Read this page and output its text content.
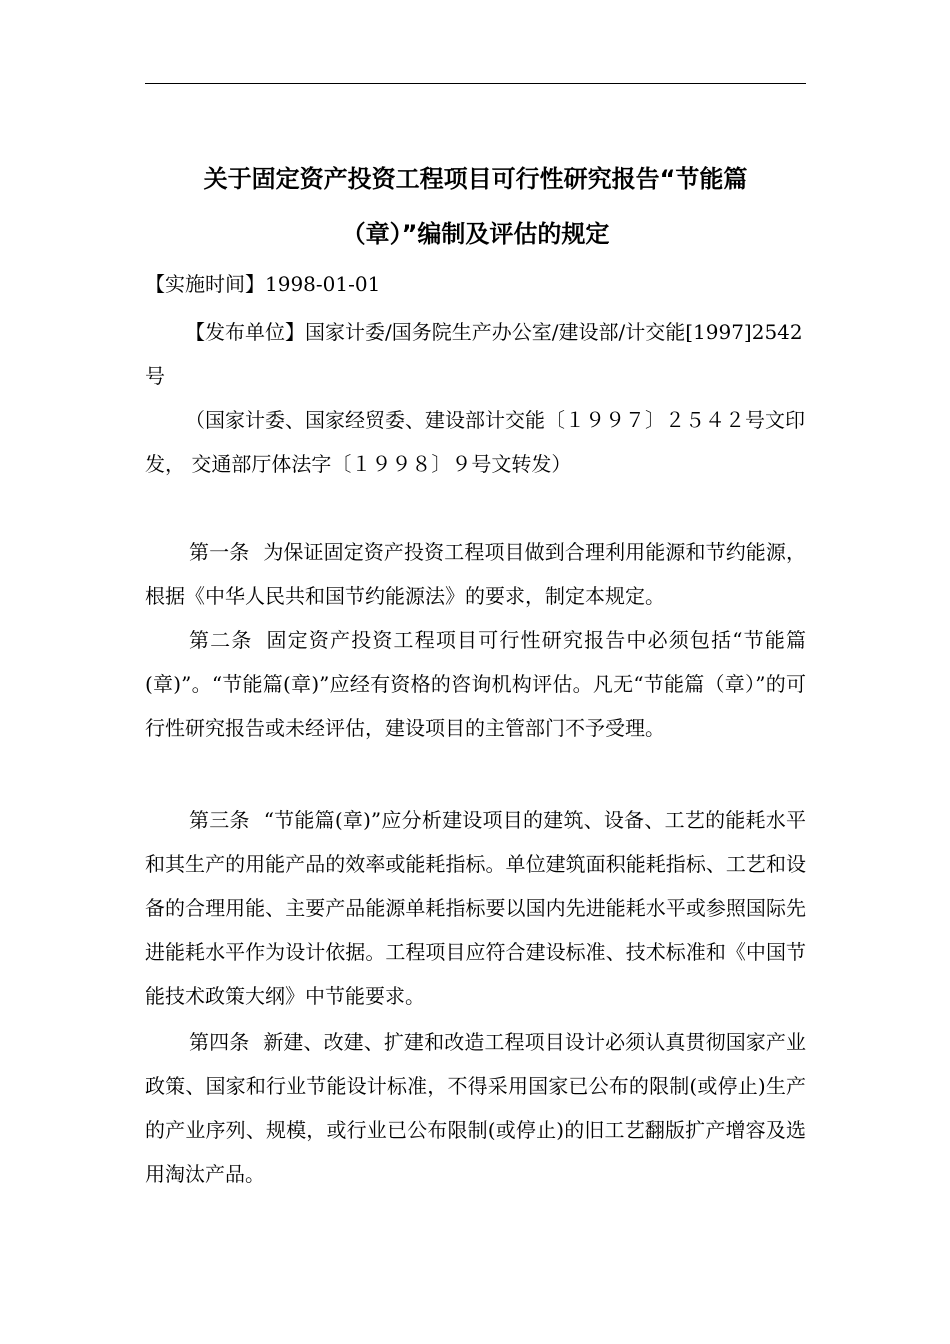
关于固定资产投资工程项目可行性研究报告“节能篇
（章）”编制及评估的规定

【实施时间】1998-01-01

【发布单位】国家计委/国务院生产办公室/建设部/计交能[1997]2542号

（国家计委、国家经贸委、建设部计交能〔１９９７〕２５４２号文印发， 交通部厅体法字〔１９９８〕９号文转发）

第一条 为保证固定资产投资工程项目做到合理利用能源和节约能源，根据《中华人民共和国节约能源法》的要求，制定本规定。

第二条 固定资产投资工程项目可行性研究报告中必须包括“节能篇(章)”。“节能篇(章)”应经有资格的咨询机构评估。凡无“节能篇（章）”的可行性研究报告或未经评估，建设项目的主管部门不予受理。

第三条 “节能篇(章)”应分析建设项目的建筑、设备、工艺的能耗水平和其生产的用能产品的效率或能耗指标。单位建筑面积能耗指标、工艺和设备的合理用能、主要产品能源单耗指标要以国内先进能耗水平或参照国际先进能耗水平作为设计依据。工程项目应符合建设标准、技术标准和《中国节能技术政策大纲》中节能要求。

第四条 新建、改建、扩建和改造工程项目设计必须认真贯彻国家产业政策、国家和行业节能设计标准，不得采用国家已公布的限制(或停止)生产的产业序列、规模，或行业已公布限制(或停止)的旧工艺翻版扩产增容及选用淘汰产品。
